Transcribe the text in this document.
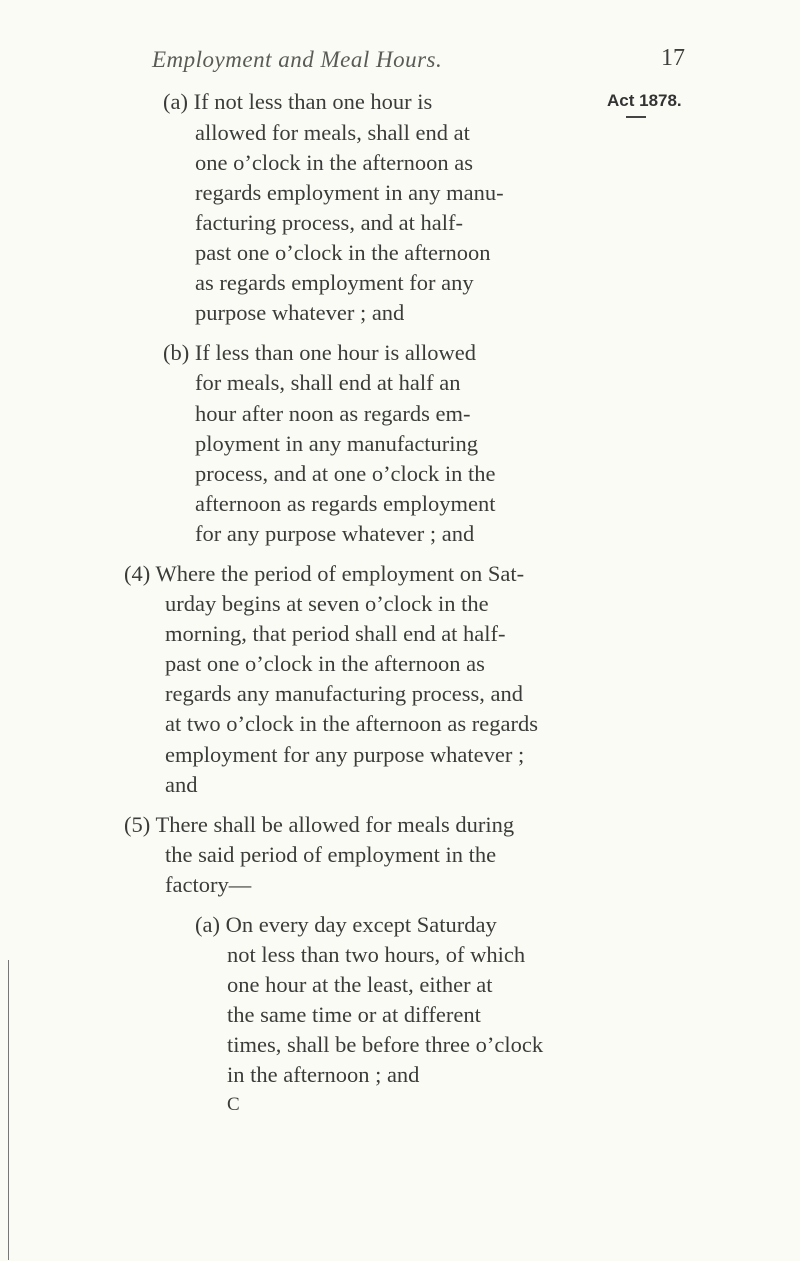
Employment and Meal Hours.	17
Act 1878.
(a) If not less than one hour is
allowed for meals, shall end at
one o’clock in the afternoon as
regards employment in any manu-
facturing process, and at half-
past one o’clock in the afternoon
as regards employment for any
purpose whatever ; and
(b) If less than one hour is allowed
for meals, shall end at half an
hour after noon as regards em-
ployment in any manufacturing
process, and at one o’clock in the
afternoon as regards employment
for any purpose whatever ; and
(4) Where the period of employment on Sat-
urday begins at seven o’clock in the
morning, that period shall end at half-
past one o’clock in the afternoon as
regards any manufacturing process, and
at two o’clock in the afternoon as regards
employment for any purpose whatever ;
and
(5) There shall be allowed for meals during
the said period of employment in the
factory—
(a) On every day except Saturday
not less than two hours, of which
one hour at the least, either at
the same time or at different
times, shall be before three o’clock
in the afternoon ; and
C
